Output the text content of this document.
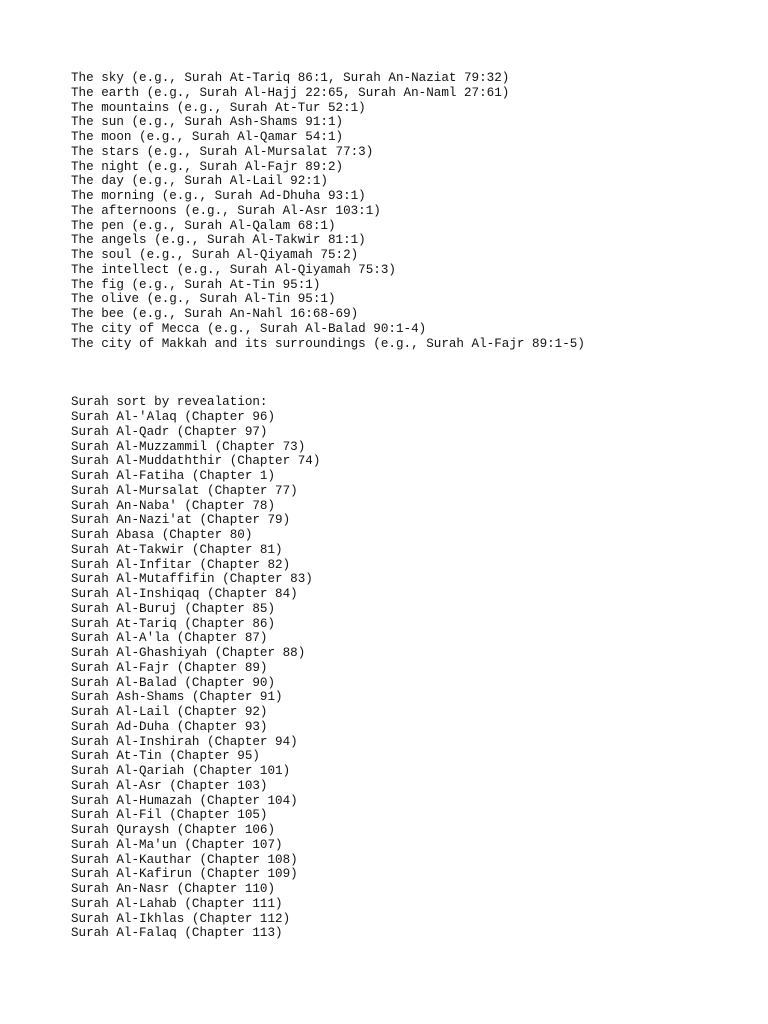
The sky (e.g., Surah At-Tariq 86:1, Surah An-Naziat 79:32)
The earth (e.g., Surah Al-Hajj 22:65, Surah An-Naml 27:61)
The mountains (e.g., Surah At-Tur 52:1)
The sun (e.g., Surah Ash-Shams 91:1)
The moon (e.g., Surah Al-Qamar 54:1)
The stars (e.g., Surah Al-Mursalat 77:3)
The night (e.g., Surah Al-Fajr 89:2)
The day (e.g., Surah Al-Lail 92:1)
The morning (e.g., Surah Ad-Dhuha 93:1)
The afternoons (e.g., Surah Al-Asr 103:1)
The pen (e.g., Surah Al-Qalam 68:1)
The angels (e.g., Surah Al-Takwir 81:1)
The soul (e.g., Surah Al-Qiyamah 75:2)
The intellect (e.g., Surah Al-Qiyamah 75:3)
The fig (e.g., Surah At-Tin 95:1)
The olive (e.g., Surah Al-Tin 95:1)
The bee (e.g., Surah An-Nahl 16:68-69)
The city of Mecca (e.g., Surah Al-Balad 90:1-4)
The city of Makkah and its surroundings (e.g., Surah Al-Fajr 89:1-5)
Surah sort by revealation:
Surah Al-'Alaq (Chapter 96)
Surah Al-Qadr (Chapter 97)
Surah Al-Muzzammil (Chapter 73)
Surah Al-Muddaththir (Chapter 74)
Surah Al-Fatiha (Chapter 1)
Surah Al-Mursalat (Chapter 77)
Surah An-Naba' (Chapter 78)
Surah An-Nazi'at (Chapter 79)
Surah Abasa (Chapter 80)
Surah At-Takwir (Chapter 81)
Surah Al-Infitar (Chapter 82)
Surah Al-Mutaffifin (Chapter 83)
Surah Al-Inshiqaq (Chapter 84)
Surah Al-Buruj (Chapter 85)
Surah At-Tariq (Chapter 86)
Surah Al-A'la (Chapter 87)
Surah Al-Ghashiyah (Chapter 88)
Surah Al-Fajr (Chapter 89)
Surah Al-Balad (Chapter 90)
Surah Ash-Shams (Chapter 91)
Surah Al-Lail (Chapter 92)
Surah Ad-Duha (Chapter 93)
Surah Al-Inshirah (Chapter 94)
Surah At-Tin (Chapter 95)
Surah Al-Qariah (Chapter 101)
Surah Al-Asr (Chapter 103)
Surah Al-Humazah (Chapter 104)
Surah Al-Fil (Chapter 105)
Surah Quraysh (Chapter 106)
Surah Al-Ma'un (Chapter 107)
Surah Al-Kauthar (Chapter 108)
Surah Al-Kafirun (Chapter 109)
Surah An-Nasr (Chapter 110)
Surah Al-Lahab (Chapter 111)
Surah Al-Ikhlas (Chapter 112)
Surah Al-Falaq (Chapter 113)
